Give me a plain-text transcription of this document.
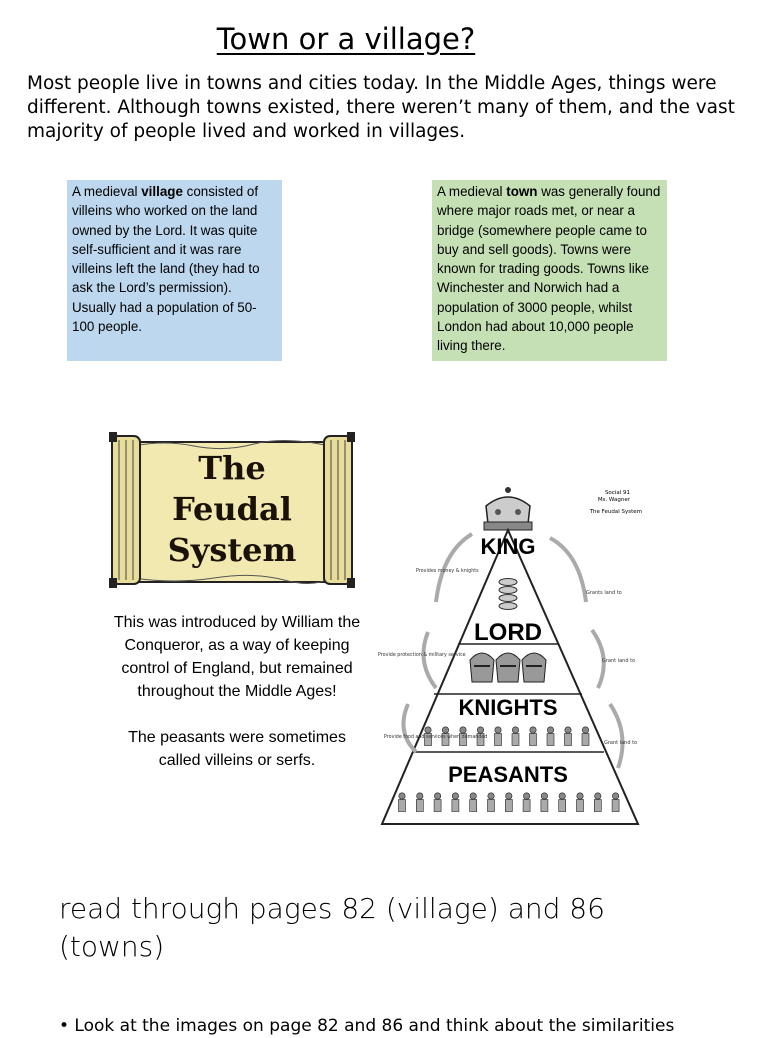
Town or a village?
Most people live in towns and cities today. In the Middle Ages, things were different. Although towns existed, there weren’t many of them, and the vast majority of people lived and worked in villages.

A medieval village consisted of villeins who worked on the land owned by the Lord. It was quite self-sufficient and it was rare villeins left the land (they had to ask the Lord’s permission).

Usually had a population of 50-100 people.

A medieval town was generally found where major roads met, or near a bridge (somewhere people came to buy and sell goods). Towns were known for trading goods. Towns like Winchester and Norwich had a population of 3000 people, whilst London had about 10,000 people living there.

The
Feudal
System

This was introduced by William the Conqueror, as a way of keeping control of England, but remained throughout the Middle Ages!

The peasants were sometimes called villeins or serfs.

Social 91
Ms. Wagner
The Feudal System
KING
LORD
KNIGHTS
PEASANTS
Provides money & knights
Provide protection & military service
Provide food and services when demanded
Grants land to
Grant land to
Grant land to
read through pages 82 (village) and 86 (towns)
• Look at the images on page 82 and 86 and think about the similarities
